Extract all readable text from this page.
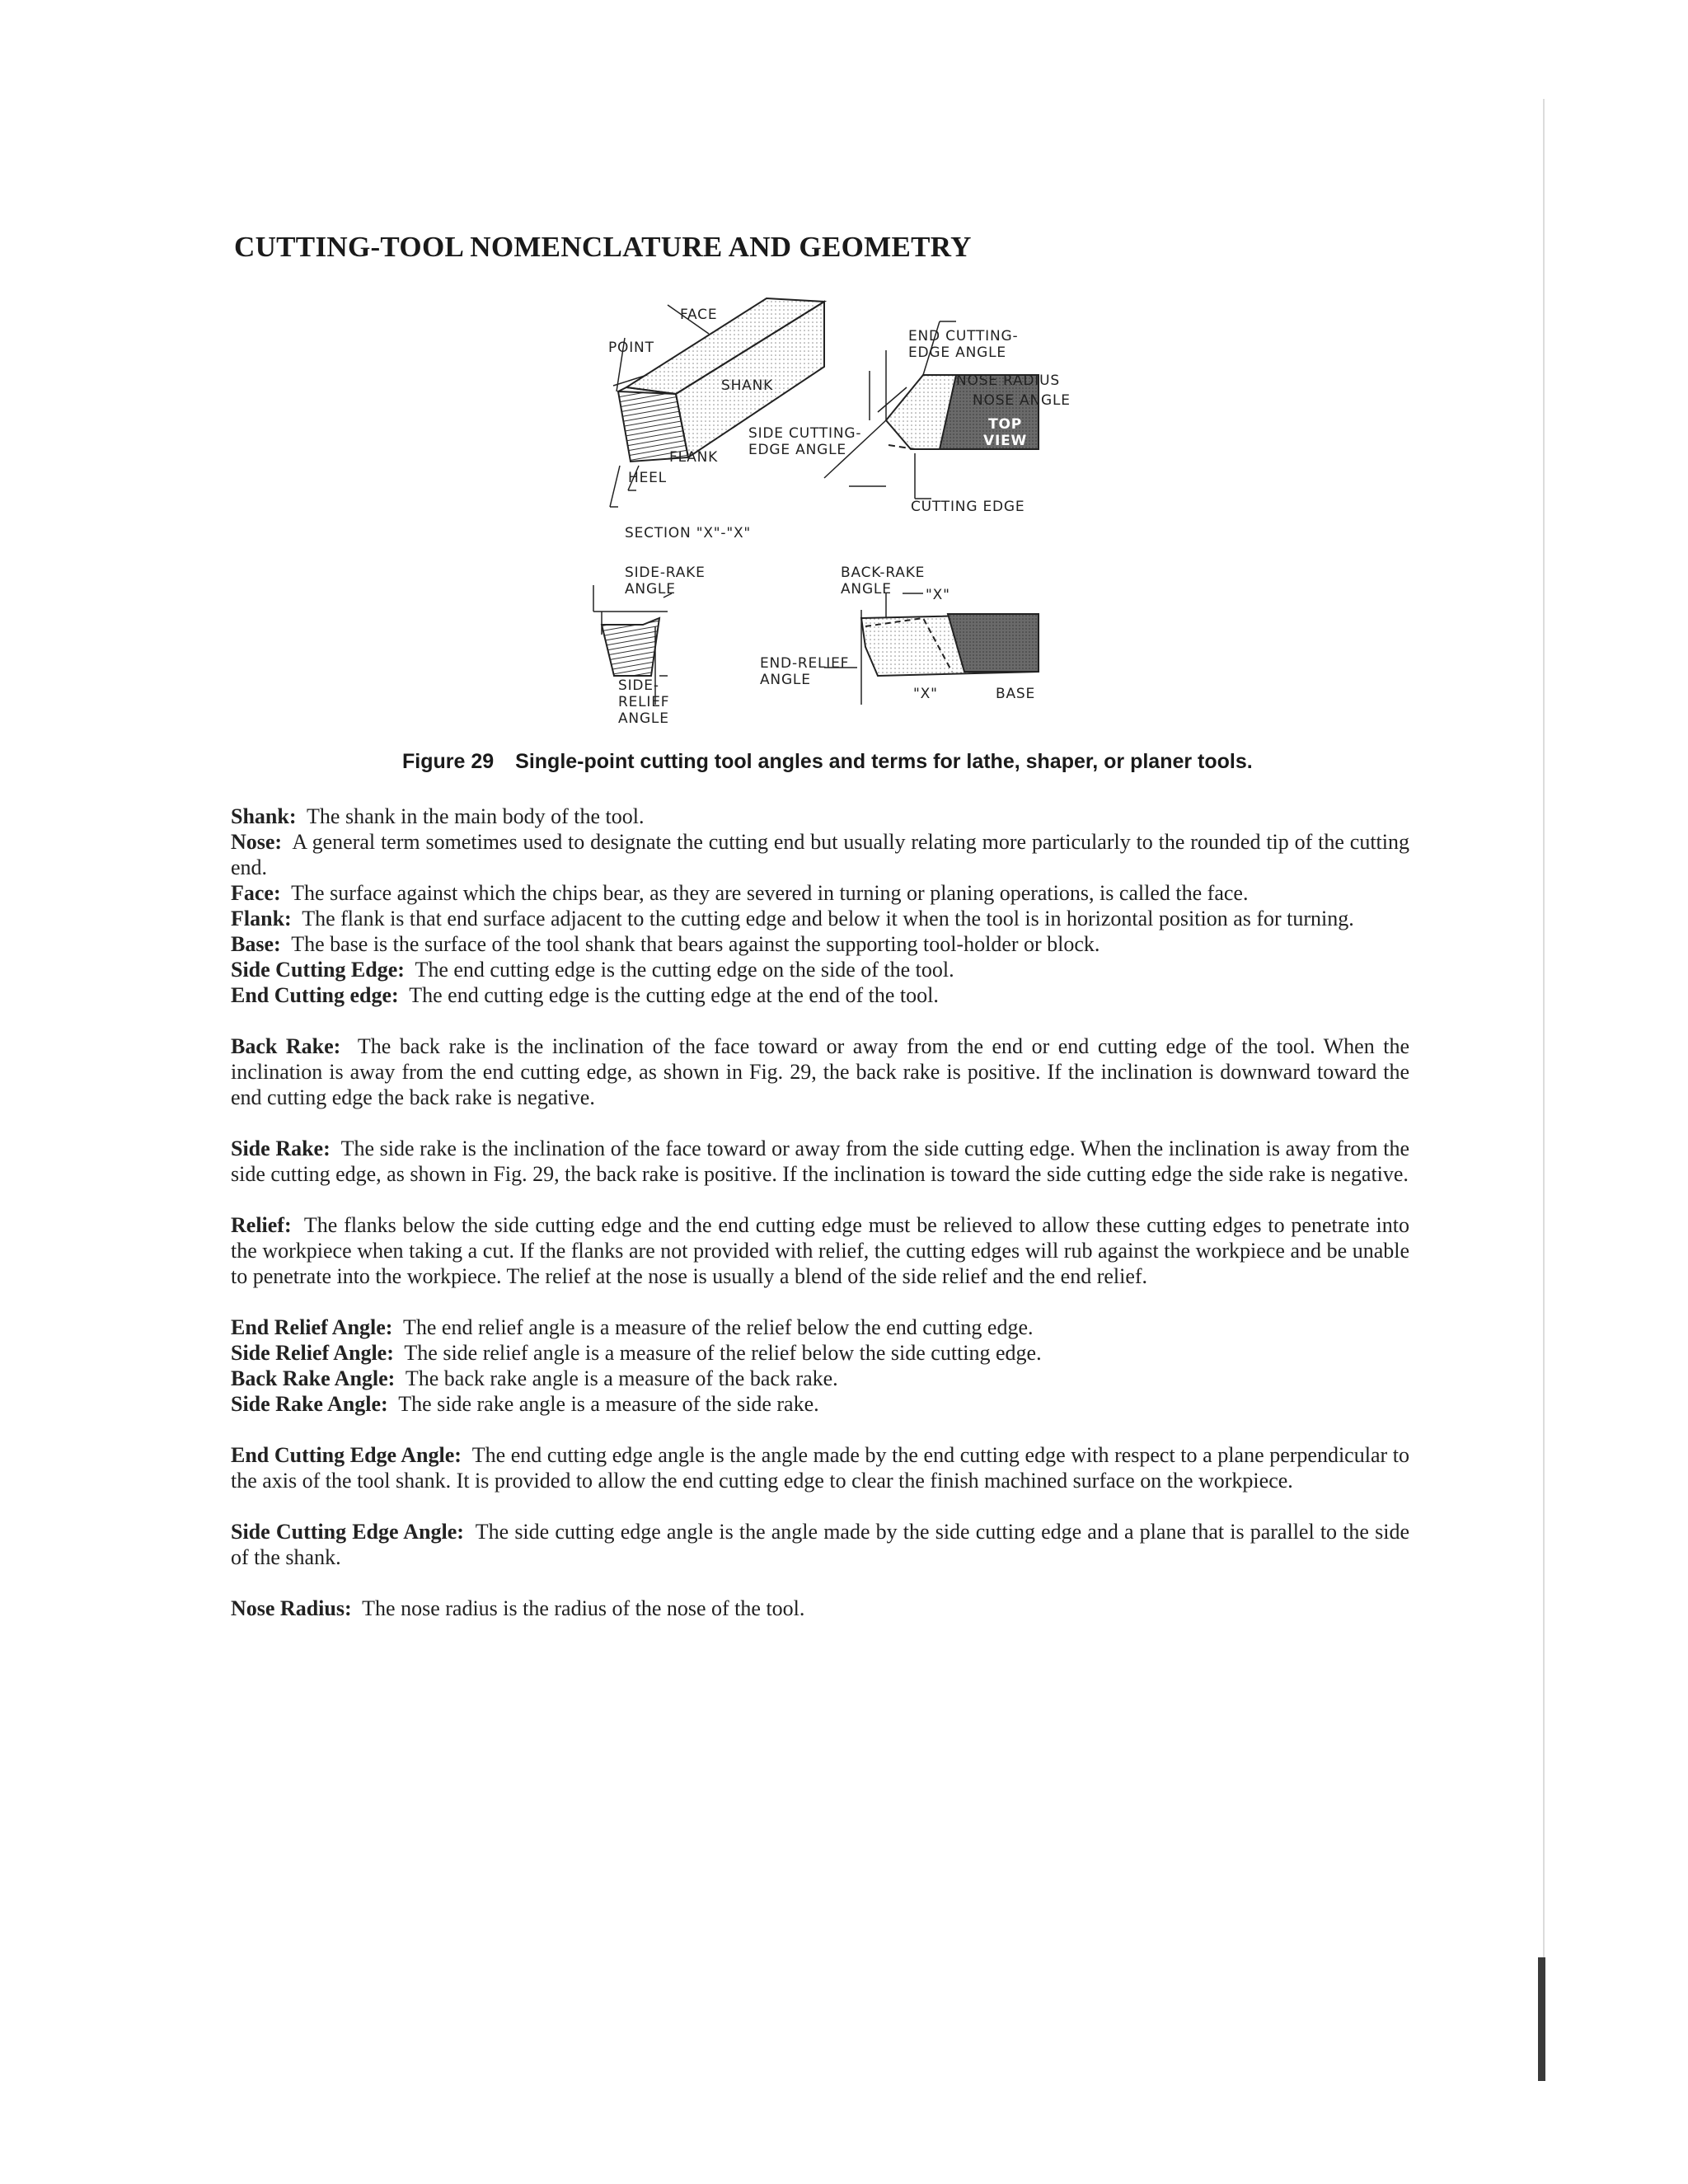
CUTTING-TOOL NOMENCLATURE AND GEOMETRY
FACE
POINT
SHANK
FLANK
HEEL
END CUTTING-
EDGE ANGLE
NOSE RADIUS
NOSE ANGLE
SIDE CUTTING-
EDGE ANGLE
TOP
VIEW
CUTTING EDGE
SECTION "X"-"X"
SIDE-RAKE
ANGLE
BACK-RAKE
ANGLE	"X"
END-RELIEF
ANGLE
SIDE-
RELIEF
ANGLE
"X"	BASE
Figure 29 Single-point cutting tool angles and terms for lathe, shaper, or planer tools.

Shank: The shank in the main body of the tool.

Nose: A general term sometimes used to designate the cutting end but usually relating more particularly to the rounded tip of the cutting end.

Face: The surface against which the chips bear, as they are severed in turning or planing operations, is called the face.

Flank: The flank is that end surface adjacent to the cutting edge and below it when the tool is in horizontal position as for turning.

Base: The base is the surface of the tool shank that bears against the supporting tool-holder or block.

Side Cutting Edge: The end cutting edge is the cutting edge on the side of the tool.

End Cutting edge: The end cutting edge is the cutting edge at the end of the tool.

Back Rake: The back rake is the inclination of the face toward or away from the end or end cutting edge of the tool. When the inclination is away from the end cutting edge, as shown in Fig. 29, the back rake is positive. If the inclination is downward toward the end cutting edge the back rake is negative.

Side Rake: The side rake is the inclination of the face toward or away from the side cutting edge. When the inclination is away from the side cutting edge, as shown in Fig. 29, the back rake is positive. If the inclination is toward the side cutting edge the side rake is negative.

Relief: The flanks below the side cutting edge and the end cutting edge must be relieved to allow these cutting edges to penetrate into the workpiece when taking a cut. If the flanks are not provided with relief, the cutting edges will rub against the workpiece and be unable to penetrate into the workpiece. The relief at the nose is usually a blend of the side relief and the end relief.

End Relief Angle: The end relief angle is a measure of the relief below the end cutting edge.

Side Relief Angle: The side relief angle is a measure of the relief below the side cutting edge.

Back Rake Angle: The back rake angle is a measure of the back rake.

Side Rake Angle: The side rake angle is a measure of the side rake.

End Cutting Edge Angle: The end cutting edge angle is the angle made by the end cutting edge with respect to a plane perpendicular to the axis of the tool shank. It is provided to allow the end cutting edge to clear the finish machined surface on the workpiece.

Side Cutting Edge Angle: The side cutting edge angle is the angle made by the side cutting edge and a plane that is parallel to the side of the shank.

Nose Radius: The nose radius is the radius of the nose of the tool.
